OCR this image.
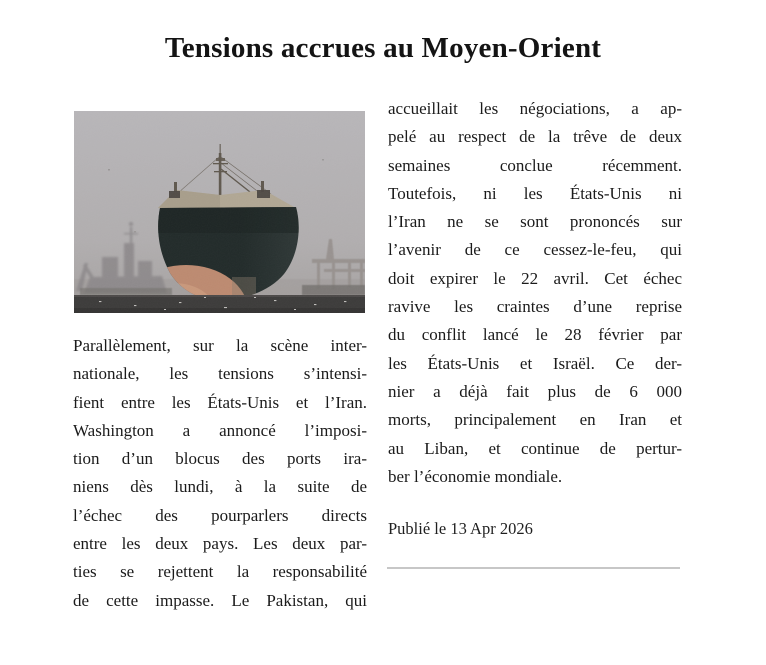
Tensions accrues au Moyen-Orient
Parallèlement, sur la scène inter-
nationale, les tensions s’intensi-
fient entre les États-Unis et l’Iran.
Washington a annoncé l’imposi-
tion d’un blocus des ports ira-
niens dès lundi, à la suite de
l’échec des pourparlers directs
entre les deux pays. Les deux par-
ties se rejettent la responsabilité
de cette impasse. Le Pakistan, qui
accueillait les négociations, a ap-
pelé au respect de la trêve de deux
semaines conclue récemment.
Toutefois, ni les États-Unis ni
l’Iran ne se sont prononcés sur
l’avenir de ce cessez-le-feu, qui
doit expirer le 22 avril. Cet échec
ravive les craintes d’une reprise
du conflit lancé le 28 février par
les États-Unis et Israël. Ce der-
nier a déjà fait plus de 6 000
morts, principalement en Iran et
au Liban, et continue de pertur-
ber l’économie mondiale.
Publié le 13 Apr 2026
